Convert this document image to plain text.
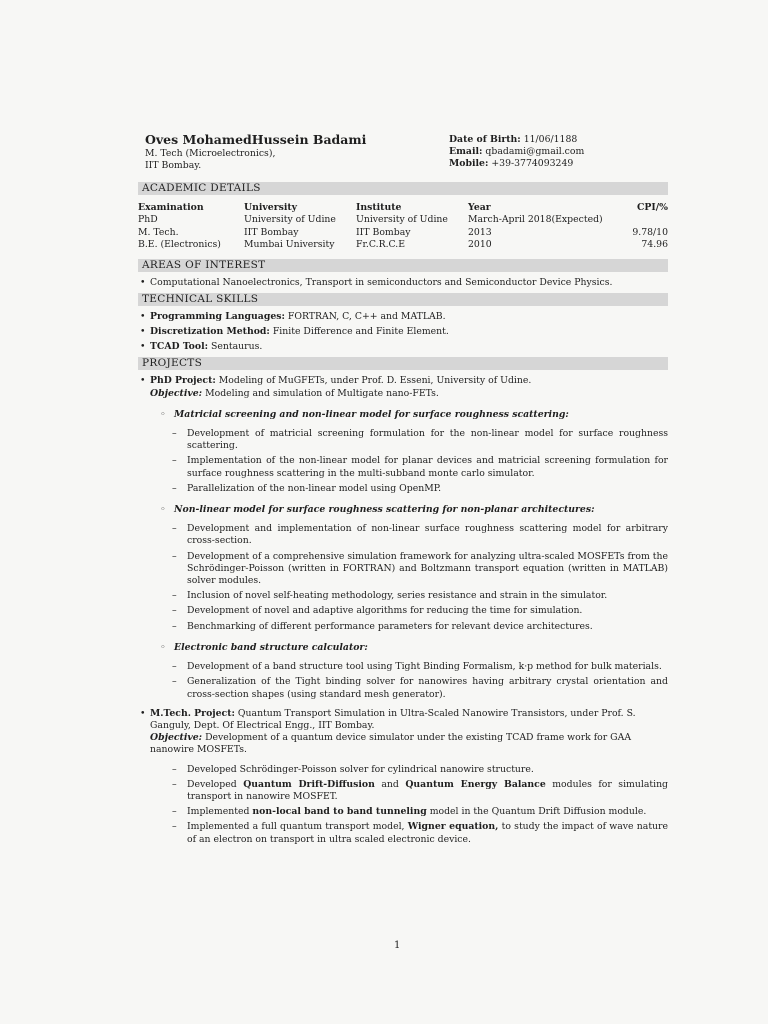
Oves MohamedHussein Badami
M. Tech (Microelectronics),
IIT Bombay.
Date of Birth: 11/06/1188
Email: qbadami@gmail.com
Mobile: +39-3774093249
ACADEMIC DETAILS
Examination	University	Institute	Year	CPI/%
PhD	University of Udine	University of Udine	March-April 2018(Expected)	
M. Tech.	IIT Bombay	IIT Bombay	2013	9.78/10
B.E. (Electronics)	Mumbai University	Fr.C.R.C.E	2010	74.96
AREAS OF INTEREST
• Computational Nanoelectronics, Transport in semiconductors and Semiconductor Device Physics.
TECHNICAL SKILLS
• Programming Languages: FORTRAN, C, C++ and MATLAB.
• Discretization Method: Finite Difference and Finite Element.
• TCAD Tool: Sentaurus.
PROJECTS
• PhD Project: Modeling of MuGFETs, under Prof. D. Esseni, University of Udine.
Objective: Modeling and simulation of Multigate nano-FETs.
◦ Matricial screening and non-linear model for surface roughness scattering:
– Development of matricial screening formulation for the non-linear model for surface roughness scattering.
– Implementation of the non-linear model for planar devices and matricial screening formulation for surface roughness scattering in the multi-subband monte carlo simulator.
– Parallelization of the non-linear model using OpenMP.
◦ Non-linear model for surface roughness scattering for non-planar architectures:
– Development and implementation of non-linear surface roughness scattering model for arbitrary cross-section.
– Development of a comprehensive simulation framework for analyzing ultra-scaled MOSFETs from the Schrödinger-Poisson (written in FORTRAN) and Boltzmann transport equation (written in MATLAB) solver modules.
– Inclusion of novel self-heating methodology, series resistance and strain in the simulator.
– Development of novel and adaptive algorithms for reducing the time for simulation.
– Benchmarking of different performance parameters for relevant device architectures.
◦ Electronic band structure calculator:
– Development of a band structure tool using Tight Binding Formalism, k·p method for bulk materials.
– Generalization of the Tight binding solver for nanowires having arbitrary crystal orientation and cross-section shapes (using standard mesh generator).
• M.Tech. Project: Quantum Transport Simulation in Ultra-Scaled Nanowire Transistors, under Prof. S. Ganguly, Dept. Of Electrical Engg., IIT Bombay.
Objective: Development of a quantum device simulator under the existing TCAD frame work for GAA nanowire MOSFETs.
– Developed Schrödinger-Poisson solver for cylindrical nanowire structure.
– Developed Quantum Drift-Diffusion and Quantum Energy Balance modules for simulating transport in nanowire MOSFET.
– Implemented non-local band to band tunneling model in the Quantum Drift Diffusion module.
– Implemented a full quantum transport model, Wigner equation, to study the impact of wave nature of an electron on transport in ultra scaled electronic device.
1
